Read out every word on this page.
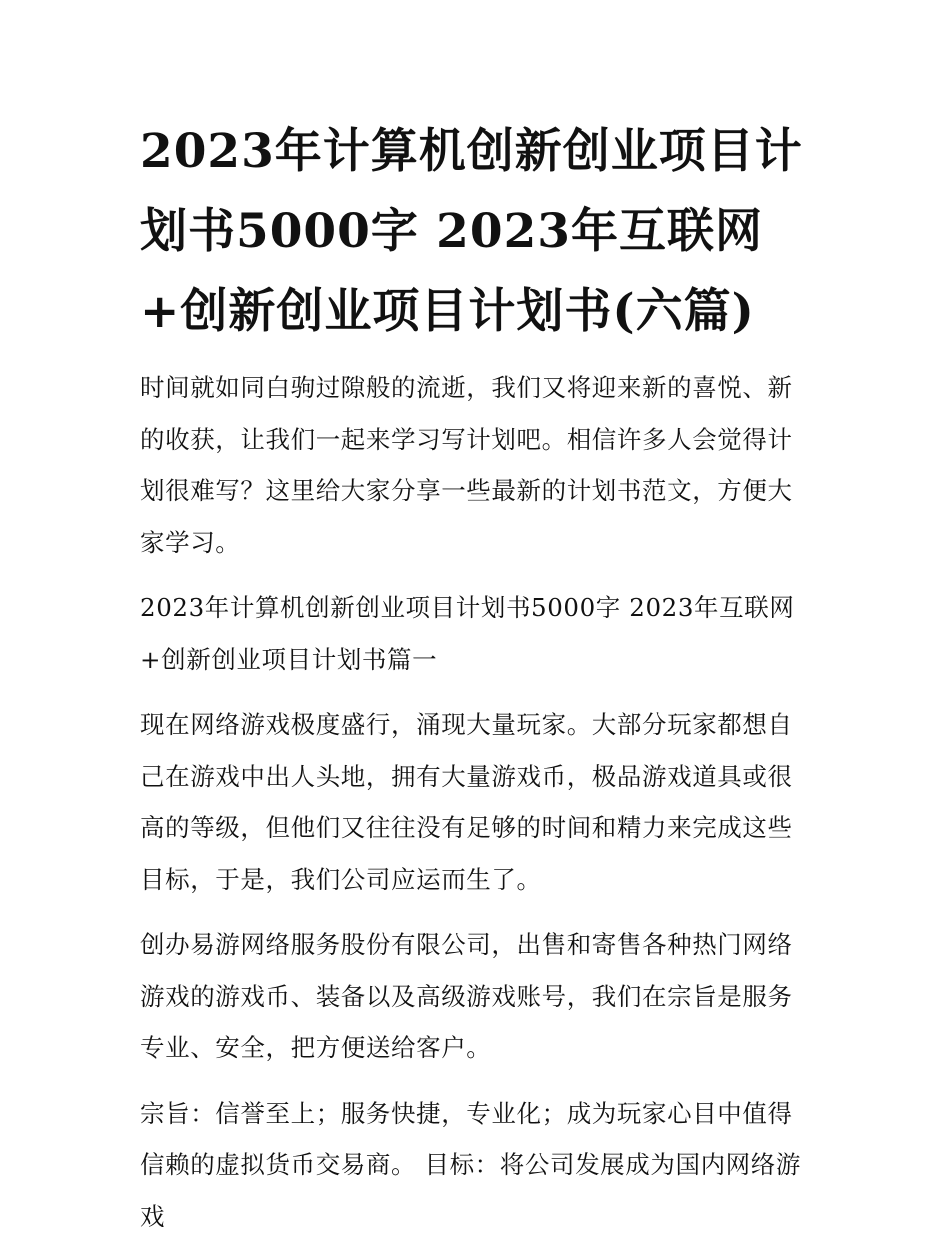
2023年计算机创新创业项目计划书5000字 2023年互联网+创新创业项目计划书(六篇)

时间就如同白驹过隙般的流逝，我们又将迎来新的喜悦、新的收获，让我们一起来学习写计划吧。相信许多人会觉得计划很难写？这里给大家分享一些最新的计划书范文，方便大家学习。

2023年计算机创新创业项目计划书5000字 2023年互联网+创新创业项目计划书篇一

现在网络游戏极度盛行，涌现大量玩家。大部分玩家都想自己在游戏中出人头地，拥有大量游戏币，极品游戏道具或很高的等级，但他们又往往没有足够的时间和精力来完成这些目标，于是，我们公司应运而生了。

创办易游网络服务股份有限公司，出售和寄售各种热门网络游戏的游戏币、装备以及高级游戏账号，我们在宗旨是服务专业、安全，把方便送给客户。

宗旨：信誉至上；服务快捷，专业化；成为玩家心目中值得信赖的虚拟货币交易商。 目标：将公司发展成为国内网络游戏
